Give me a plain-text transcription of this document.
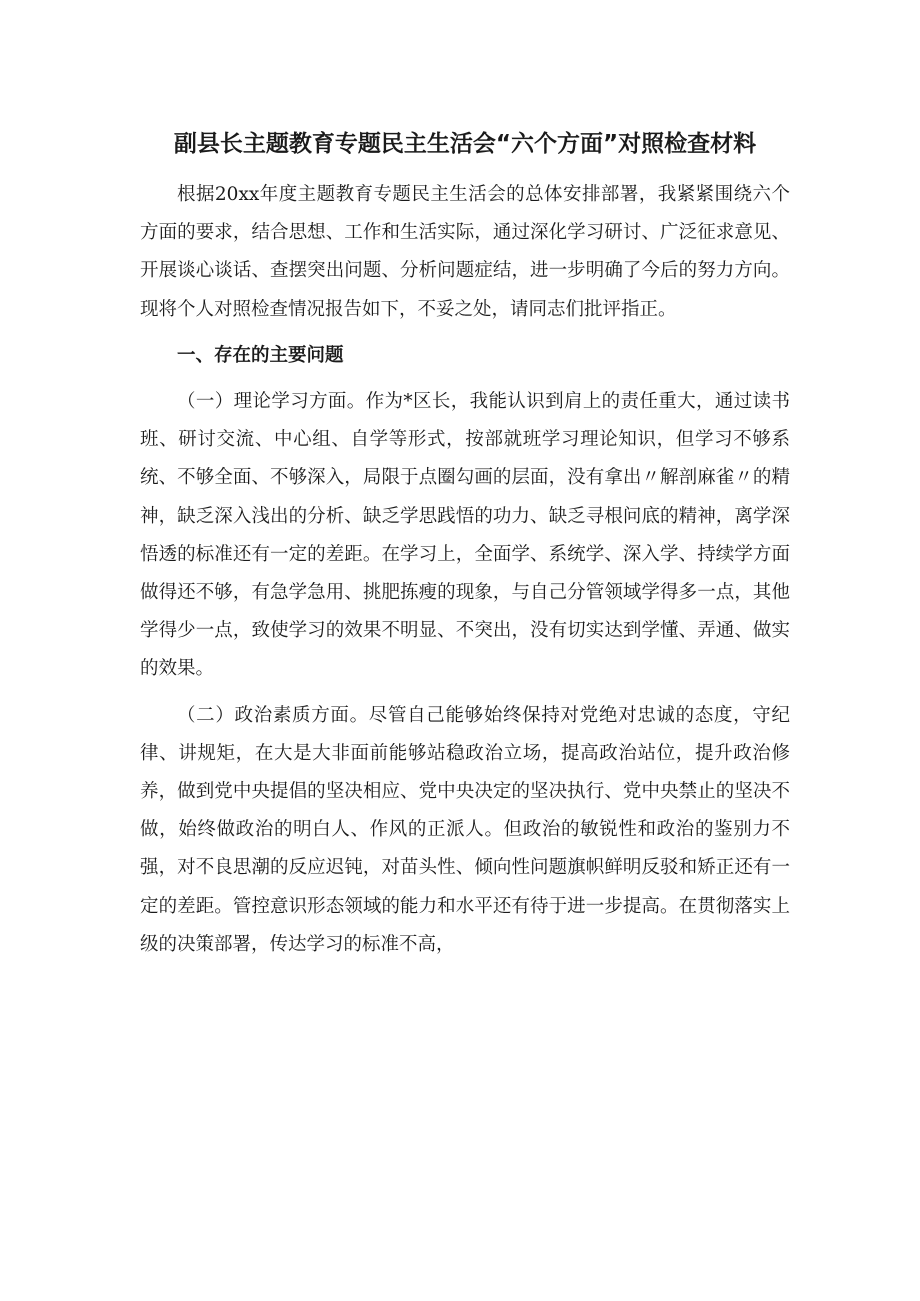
副县长主题教育专题民主生活会“六个方面”对照检查材料

根据20xx年度主题教育专题民主生活会的总体安排部署，我紧紧围绕六个方面的要求，结合思想、工作和生活实际，通过深化学习研讨、广泛征求意见、开展谈心谈话、查摆突出问题、分析问题症结，进一步明确了今后的努力方向。现将个人对照检查情况报告如下，不妥之处，请同志们批评指正。

一、存在的主要问题

（一）理论学习方面。作为*区长，我能认识到肩上的责任重大，通过读书班、研讨交流、中心组、自学等形式，按部就班学习理论知识，但学习不够系统、不够全面、不够深入，局限于点圈勾画的层面，没有拿出〃解剖麻雀〃的精神，缺乏深入浅出的分析、缺乏学思践悟的功力、缺乏寻根问底的精神，离学深悟透的标准还有一定的差距。在学习上，全面学、系统学、深入学、持续学方面做得还不够，有急学急用、挑肥拣瘦的现象，与自己分管领域学得多一点，其他学得少一点，致使学习的效果不明显、不突出，没有切实达到学懂、弄通、做实的效果。

（二）政治素质方面。尽管自己能够始终保持对党绝对忠诚的态度，守纪律、讲规矩，在大是大非面前能够站稳政治立场，提高政治站位，提升政治修养，做到党中央提倡的坚决相应、党中央决定的坚决执行、党中央禁止的坚决不做，始终做政治的明白人、作风的正派人。但政治的敏锐性和政治的鉴别力不强，对不良思潮的反应迟钝，对苗头性、倾向性问题旗帜鲜明反驳和矫正还有一定的差距。管控意识形态领域的能力和水平还有待于进一步提高。在贯彻落实上级的决策部署，传达学习的标准不高，
